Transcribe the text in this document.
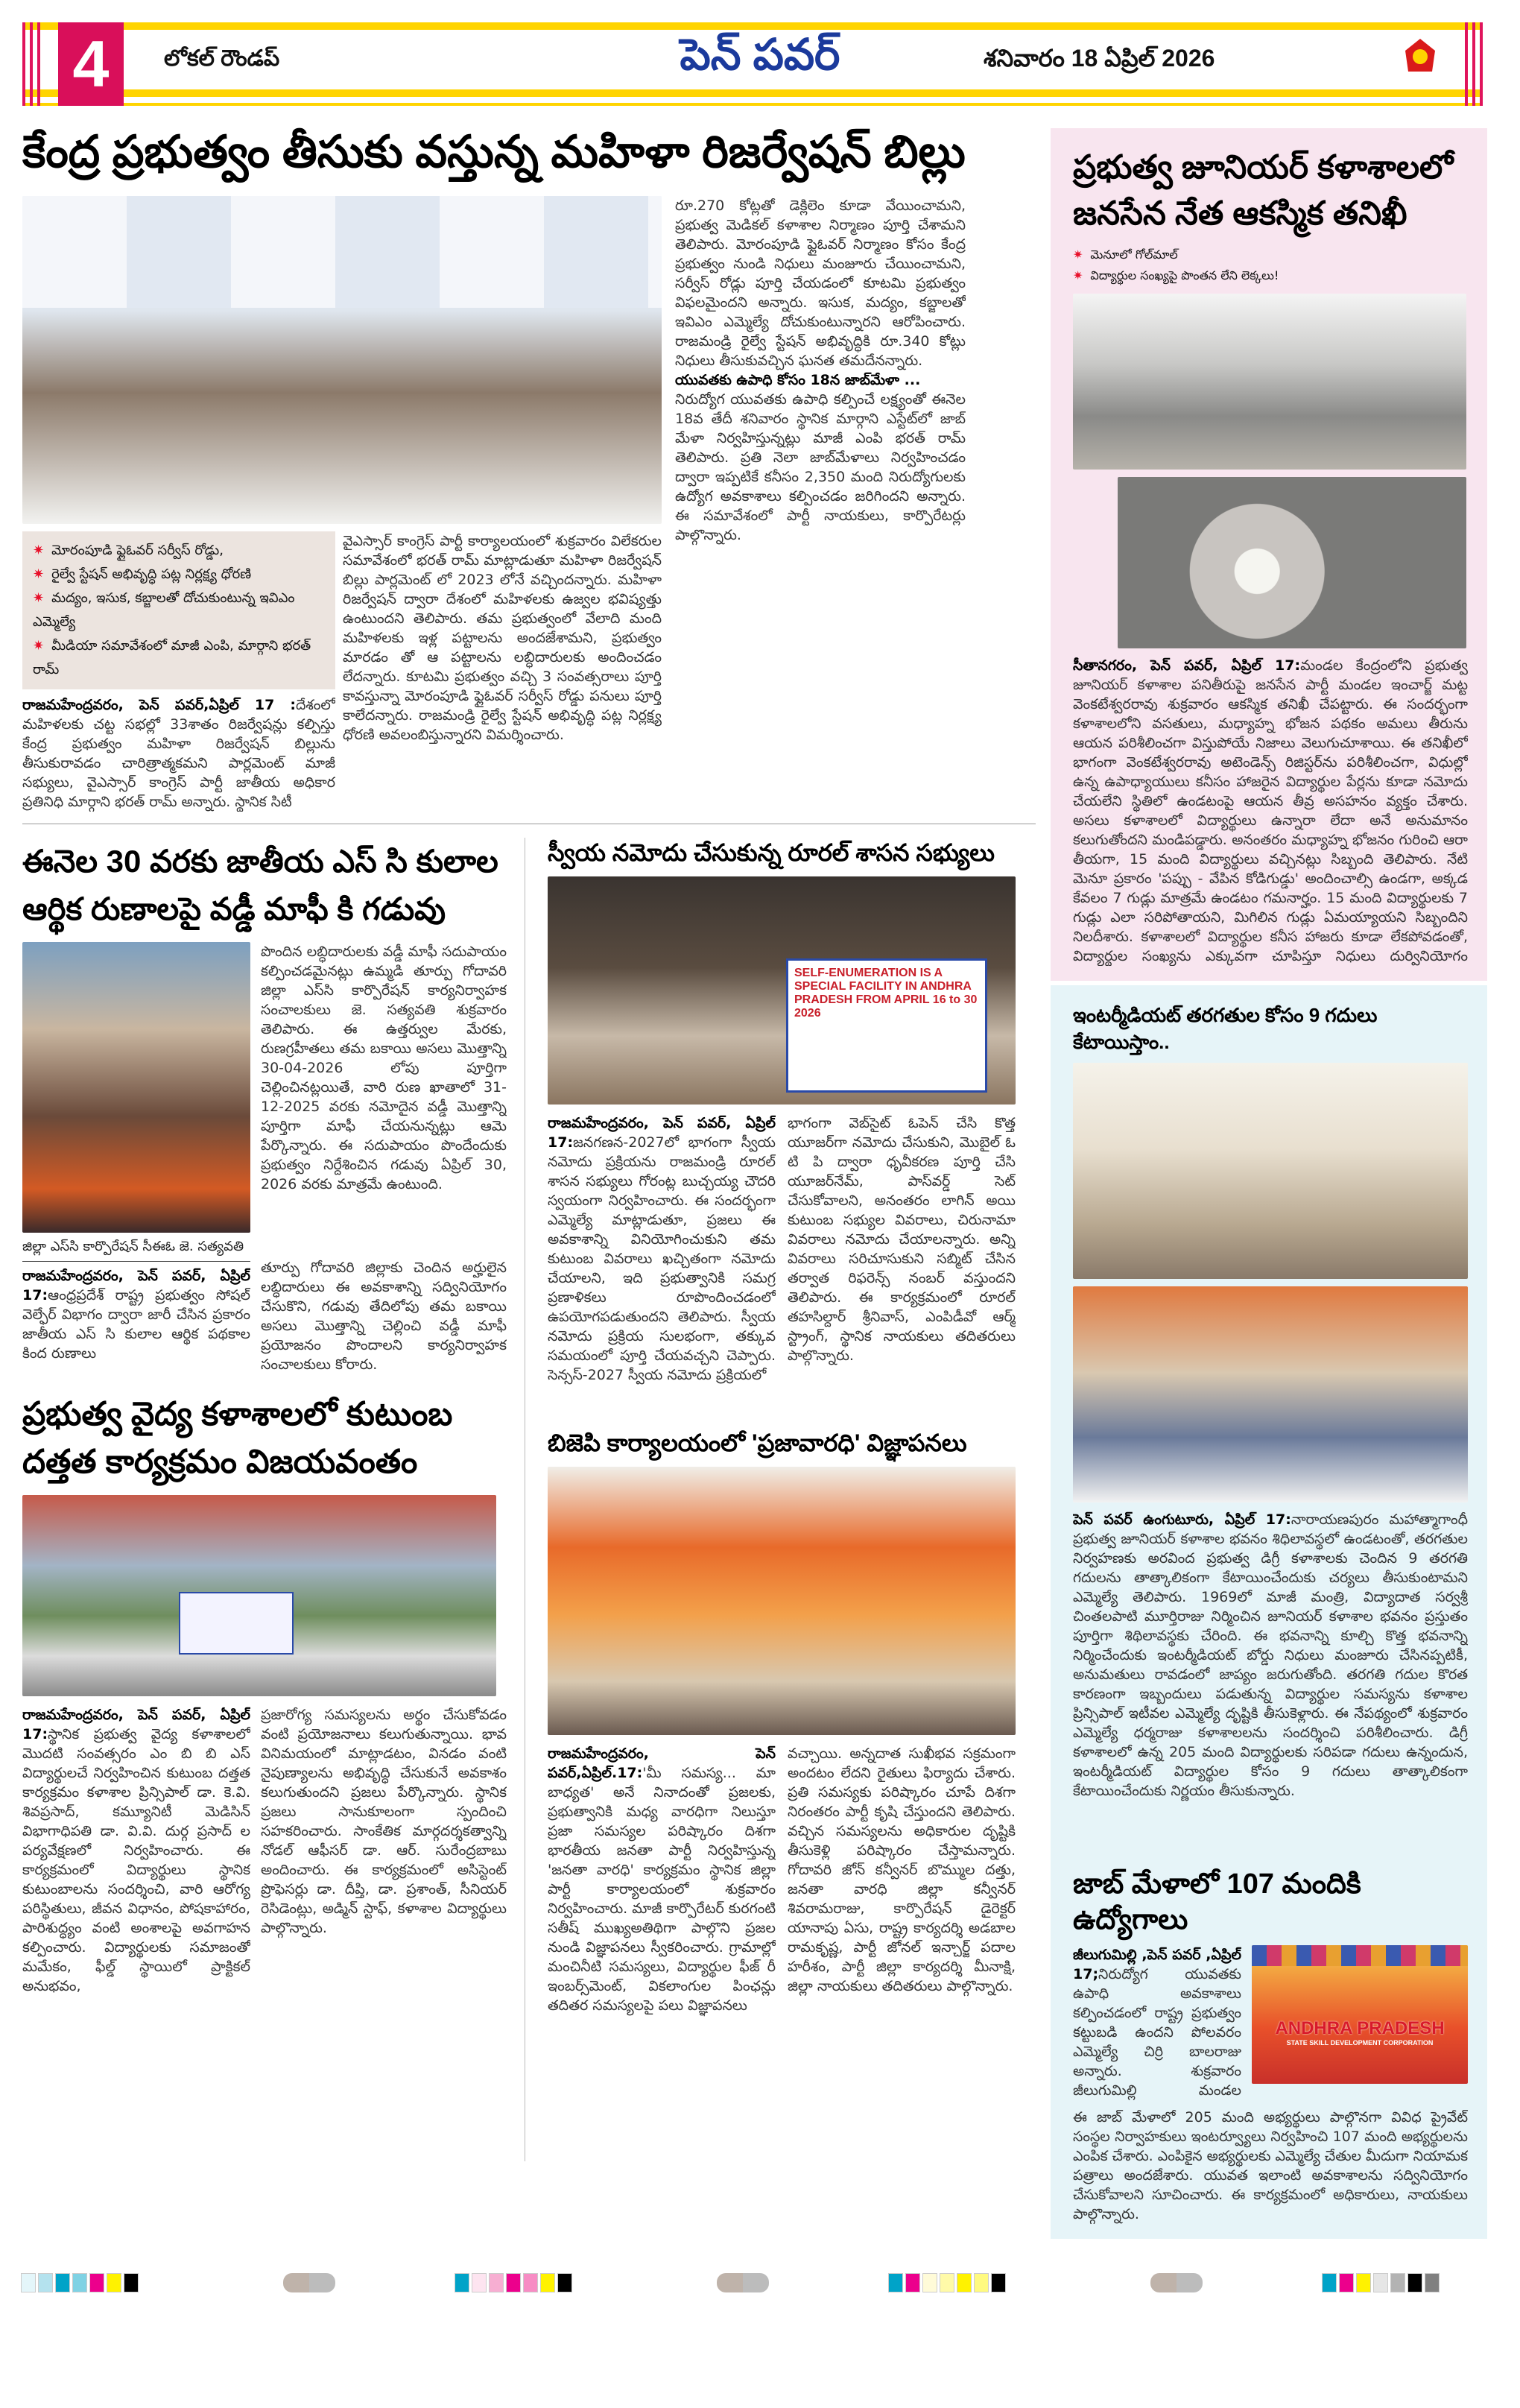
4	లోకల్ రౌండప్	పెన్ పవర్	శనివారం 18 ఏప్రిల్ 2026
కేంద్ర ప్రభుత్వం తీసుకు వస్తున్న మహిళా రిజర్వేషన్ బిల్లు
✷ మోరంపూడి ఫ్లైఓవర్ సర్వీస్ రోడ్డు,
✷ రైల్వే స్టేషన్ అభివృద్ధి పట్ల నిర్లక్ష్య ధోరణి
✷ మద్యం, ఇసుక, కబ్జాలతో దోచుకుంటున్న ఇవిఎం ఎమ్మెల్యే
✷ మీడియా సమావేశంలో మాజీ ఎంపి, మార్గాని భరత్ రామ్
రాజమహేంద్రవరం, పెన్ పవర్,ఏప్రిల్ 17 :దేశంలో మహిళలకు చట్ట సభల్లో 33శాతం రిజర్వేషన్లు కల్పిస్తు కేంద్ర ప్రభుత్వం మహిళా రిజర్వేషన్ బిల్లును తీసుకురావడం చారిత్రాత్మకమని పార్లమెంట్ మాజీ సభ్యులు, వైఎస్సార్ కాంగ్రెస్ పార్టీ జాతీయ అధికార ప్రతినిధి మార్గాని భరత్ రామ్ అన్నారు. స్థానిక సిటీ
వైఎస్సార్ కాంగ్రెస్ పార్టీ కార్యాలయంలో శుక్రవారం విలేకరుల సమావేశంలో భరత్ రామ్ మాట్లాడుతూ మహిళా రిజర్వేషన్ బిల్లు పార్లమెంట్ లో 2023 లోనే వచ్చిందన్నారు. మహిళా రిజర్వేషన్ ద్వారా దేశంలో మహిళలకు ఉజ్వల భవిష్యత్తు ఉంటుందని తెలిపారు. తమ ప్రభుత్వంలో వేలాది మంది మహిళలకు ఇళ్ల పట్టాలను అందజేశామని, ప్రభుత్వం మారడం తో ఆ పట్టాలను లబ్ధిదారులకు అందించడం లేదన్నారు. కూటమి ప్రభుత్వం వచ్చి 3 సంవత్సరాలు పూర్తి కావస్తున్నా మోరంపూడి ఫ్లైఓవర్ సర్వీస్ రోడ్డు పనులు పూర్తి కాలేదన్నారు. రాజమండ్రి రైల్వే స్టేషన్ అభివృద్ధి పట్ల నిర్లక్ష్య ధోరణి అవలంబిస్తున్నారని విమర్శించారు.
రూ.270 కోట్లతో డెక్లిలెం కూడా వేయించామని, ప్రభుత్వ మెడికల్ కళాశాల నిర్మాణం పూర్తి చేశామని తెలిపారు. మోరంపూడి ఫ్లైఓవర్ నిర్మాణం కోసం కేంద్ర ప్రభుత్వం నుండి నిధులు మంజూరు చేయించామని, సర్వీస్ రోడ్లు పూర్తి చేయడంలో కూటమి ప్రభుత్వం విఫలమైందని అన్నారు. ఇసుక, మద్యం, కబ్జాలతో ఇవిఎం ఎమ్మెల్యే దోచుకుంటున్నారని ఆరోపించారు. రాజమండ్రి రైల్వే స్టేషన్ అభివృద్ధికి రూ.340 కోట్లు నిధులు తీసుకువచ్చిన ఘనత తమదేనన్నారు.
యువతకు ఉపాధి కోసం 18న జాబ్‌మేళా ...
నిరుద్యోగ యువతకు ఉపాధి కల్పించే లక్ష్యంతో ఈనెల 18వ తేదీ శనివారం స్థానిక మార్గాని ఎస్టేట్‌లో జాబ్ మేళా నిర్వహిస్తున్నట్లు మాజీ ఎంపి భరత్ రామ్ తెలిపారు. ప్రతి నెలా జాబ్‌మేళాలు నిర్వహించడం ద్వారా ఇప్పటికే కనీసం 2,350 మంది నిరుద్యోగులకు ఉద్యోగ అవకాశాలు కల్పించడం జరిగిందని అన్నారు. ఈ సమావేశంలో పార్టీ నాయకులు, కార్పొరేటర్లు పాల్గొన్నారు.
ఈనెల 30 వరకు జాతీయ ఎస్ సి కులాల
ఆర్థిక రుణాలపై వడ్డీ మాఫీ కి గడువు
జిల్లా ఎస్‌సి కార్పొరేషన్ సీఈఓ జె. సత్యవతి
రాజమహేంద్రవరం, పెన్ పవర్, ఏప్రిల్ 17:ఆంధ్రప్రదేశ్ రాష్ట్ర ప్రభుత్వం సోషల్ వెల్ఫేర్ విభాగం ద్వారా జారీ చేసిన ప్రకారం జాతీయ ఎస్ సి కులాల ఆర్థిక పథకాల కింద రుణాలు
పొందిన లబ్ధిదారులకు వడ్డీ మాఫీ సదుపాయం కల్పించడమైనట్లు ఉమ్మడి తూర్పు గోదావరి జిల్లా ఎస్‌సి కార్పొరేషన్ కార్యనిర్వాహక సంచాలకులు జె. సత్యవతి శుక్రవారం తెలిపారు. ఈ ఉత్తర్వుల మేరకు, రుణగ్రహీతలు తమ బకాయి అసలు మొత్తాన్ని 30-04-2026 లోపు పూర్తిగా చెల్లించినట్లయితే, వారి రుణ ఖాతాలో 31-12-2025 వరకు నమోదైన వడ్డీ మొత్తాన్ని పూర్తిగా మాఫీ చేయనున్నట్లు ఆమె పేర్కొన్నారు. ఈ సదుపాయం పొందేందుకు ప్రభుత్వం నిర్దేశించిన గడువు ఏప్రిల్ 30, 2026 వరకు మాత్రమే ఉంటుంది.
తూర్పు గోదావరి జిల్లాకు చెందిన అర్హులైన లబ్ధిదారులు ఈ అవకాశాన్ని సద్వినియోగం చేసుకొని, గడువు తేదిలోపు తమ బకాయి అసలు మొత్తాన్ని చెల్లించి వడ్డీ మాఫీ ప్రయోజనం పొందాలని కార్యనిర్వాహక సంచాలకులు కోరారు.
ప్రభుత్వ వైద్య కళాశాలలో కుటుంబ
దత్తత కార్యక్రమం విజయవంతం
రాజమహేంద్రవరం, పెన్ పవర్, ఏప్రిల్ 17:స్థానిక ప్రభుత్వ వైద్య కళాశాలలో మొదటి సంవత్సరం ఎం బి బి ఎస్ విద్యార్థులచే నిర్వహించిన కుటుంబ దత్తత కార్యక్రమం కళాశాల ప్రిన్సిపాల్ డా. కె.వి. శివప్రసాద్, కమ్యూనిటీ మెడిసిన్ విభాగాధిపతి డా. వి.వి. దుర్గ ప్రసాద్ ల పర్యవేక్షణలో నిర్వహించారు. ఈ కార్యక్రమంలో విద్యార్థులు స్థానిక కుటుంబాలను సందర్శించి, వారి ఆరోగ్య పరిస్థితులు, జీవన విధానం, పోషకాహారం, పారిశుద్ధ్యం వంటి అంశాలపై అవగాహన కల్పించారు. విద్యార్థులకు సమాజంతో మమేకం, ఫీల్డ్ స్థాయిలో ప్రాక్టికల్ అనుభవం,
ప్రజారోగ్య సమస్యలను అర్థం చేసుకోవడం వంటి ప్రయోజనాలు కలుగుతున్నాయి. భావ వినిమయంలో మాట్లాడటం, వినడం వంటి నైపుణ్యాలను అభివృద్ధి చేసుకునే అవకాశం కలుగుతుందని ప్రజలు పేర్కొన్నారు. స్థానిక ప్రజలు సానుకూలంగా స్పందించి సహకరించారు. సాంకేతిక మార్గదర్శకత్వాన్ని నోడల్ ఆఫీసర్ డా. ఆర్. సురేంద్రబాబు అందించారు. ఈ కార్యక్రమంలో అసిస్టెంట్ ప్రొఫెసర్లు డా. దీప్తి, డా. ప్రశాంత్, సీనియర్ రెసిడెంట్లు, అడ్మిన్ స్టాఫ్, కళాశాల విద్యార్థులు పాల్గొన్నారు.
స్వీయ నమోదు చేసుకున్న రూరల్ శాసన సభ్యులు
SELF-ENUMERATION IS A SPECIAL FACILITY IN ANDHRA PRADESH FROM APRIL 16 to 30 2026
రాజమహేంద్రవరం, పెన్ పవర్, ఏప్రిల్ 17:జనగణన-2027లో భాగంగా స్వీయ నమోదు ప్రక్రియను రాజమండ్రి రూరల్ శాసన సభ్యులు గోరంట్ల బుచ్చయ్య చౌదరి స్వయంగా నిర్వహించారు. ఈ సందర్భంగా ఎమ్మెల్యే మాట్లాడుతూ, ప్రజలు ఈ అవకాశాన్ని వినియోగించుకుని తమ కుటుంబ వివరాలు ఖచ్చితంగా నమోదు చేయాలని, ఇది ప్రభుత్వానికి సమగ్ర ప్రణాళికలు రూపొందించడంలో ఉపయోగపడుతుందని తెలిపారు. స్వీయ నమోదు ప్రక్రియ సులభంగా, తక్కువ సమయంలో పూర్తి చేయవచ్చని చెప్పారు. సెన్సస్-2027 స్వీయ నమోదు ప్రక్రియలో
భాగంగా వెబ్‌సైట్ ఓపెన్ చేసి కొత్త యూజర్‌గా నమోదు చేసుకుని, మొబైల్ ఓ టి పి ద్వారా ధృవీకరణ పూర్తి చేసి యూజర్‌నేమ్, పాస్‌వర్డ్ సెట్ చేసుకోవాలని, అనంతరం లాగిన్ అయి కుటుంబ సభ్యుల వివరాలు, చిరునామా వివరాలు నమోదు చేయాలన్నారు. అన్ని వివరాలు సరిచూసుకుని సబ్మిట్ చేసిన తర్వాత రిఫరెన్స్ నంబర్ వస్తుందని తెలిపారు. ఈ కార్యక్రమంలో రూరల్ తహసిల్దార్ శ్రీనివాస్, ఎంపిడీవో ఆర్మ్ స్ట్రాంగ్, స్థానిక నాయకులు తదితరులు పాల్గొన్నారు.
బిజెపి కార్యాలయంలో 'ప్రజావారధి' విజ్ఞాపనలు
రాజమహేంద్రవరం, పెన్ పవర్,ఏప్రిల్.17:'మీ సమస్య... మా బాధ్యత' అనే నినాదంతో ప్రజలకు, ప్రభుత్వానికి మధ్య వారధిగా నిలుస్తూ ప్రజా సమస్యల పరిష్కారం దిశగా భారతీయ జనతా పార్టీ నిర్వహిస్తున్న 'జనతా వారధి' కార్యక్రమం స్థానిక జిల్లా పార్టీ కార్యాలయంలో శుక్రవారం నిర్వహించారు. మాజీ కార్పొరేటర్ కురగంటి సతీష్ ముఖ్యఅతిథిగా పాల్గొని ప్రజల నుండి విజ్ఞాపనలు స్వీకరించారు. గ్రామాల్లో మంచినీటి సమస్యలు, విద్యార్థుల ఫీజ్ రీ ఇంబర్స్‌మెంట్, వికలాంగుల పింఛన్లు తదితర సమస్యలపై పలు విజ్ఞాపనలు
వచ్చాయి. అన్నదాత సుఖీభవ సక్రమంగా అందటం లేదని రైతులు ఫిర్యాదు చేశారు. ప్రతి సమస్యకు పరిష్కారం చూపే దిశగా నిరంతరం పార్టీ కృషి చేస్తుందని తెలిపారు. వచ్చిన సమస్యలను అధికారుల దృష్టికి తీసుకెళ్లి పరిష్కారం చేస్తామన్నారు. గోదావరి జోన్ కన్వీనర్ బొమ్ముల దత్తు, జనతా వారధి జిల్లా కన్వీనర్ శివరామరాజు, కార్పొరేషన్ డైరెక్టర్ యానాపు ఏసు, రాష్ట్ర కార్యదర్శి అడబాల రామకృష్ణ, పార్టీ జోనల్ ఇన్చార్జ్ పదాల హరీశం, పార్టీ జిల్లా కార్యదర్శి మీనాక్షి, జిల్లా నాయకులు తదితరులు పాల్గొన్నారు.
ప్రభుత్వ జూనియర్ కళాశాలలో
జనసేన నేత ఆకస్మిక తనిఖీ
✷ మెనూలో గోల్‌మాల్
✷ విద్యార్థుల సంఖ్యపై పొంతన లేని లెక్కలు!
సీతానగరం, పెన్ పవర్, ఏప్రిల్ 17:మండల కేంద్రంలోని ప్రభుత్వ జూనియర్ కళాశాల పనితీరుపై జనసేన పార్టీ మండల ఇంచార్జ్ మట్ట వెంకటేశ్వరరావు శుక్రవారం ఆకస్మిక తనిఖీ చేపట్టారు. ఈ సందర్భంగా కళాశాలలోని వసతులు, మధ్యాహ్న భోజన పథకం అమలు తీరును ఆయన పరిశీలించగా విస్తుపోయే నిజాలు వెలుగుచూశాయి. ఈ తనిఖీలో భాగంగా వెంకటేశ్వరరావు అటెండెన్స్ రిజిస్టర్‌ను పరిశీలించగా, విధుల్లో ఉన్న ఉపాధ్యాయులు కనీసం హాజరైన విద్యార్థుల పేర్లను కూడా నమోదు చేయలేని స్థితిలో ఉండటంపై ఆయన తీవ్ర అసహనం వ్యక్తం చేశారు. అసలు కళాశాలలో విద్యార్థులు ఉన్నారా లేదా అనే అనుమానం కలుగుతోందని మండిపడ్డారు. అనంతరం మధ్యాహ్న భోజనం గురించి ఆరా తీయగా, 15 మంది విద్యార్థులు వచ్చినట్లు సిబ్బంది తెలిపారు. నేటి మెనూ ప్రకారం 'పప్పు - వేపిన కోడిగుడ్డు' అందించాల్సి ఉండగా, అక్కడ కేవలం 7 గుడ్లు మాత్రమే ఉండటం గమనార్హం. 15 మంది విద్యార్థులకు 7 గుడ్లు ఎలా సరిపోతాయని, మిగిలిన గుడ్లు ఏమయ్యాయని సిబ్బందిని నిలదీశారు. కళాశాలలో విద్యార్థుల కనీస హాజరు కూడా లేకపోవడంతో, విద్యార్థుల సంఖ్యను ఎక్కువగా చూపిస్తూ నిధులు దుర్వినియోగం
ఇంటర్మీడియట్ తరగతుల కోసం 9 గదులు కేటాయిస్తాం..
పెన్ పవర్ ఉంగుటూరు, ఏప్రిల్ 17:నారాయణపురం మహాత్మాగాంధీ ప్రభుత్వ జూనియర్ కళాశాల భవనం శిధిలావస్థలో ఉండటంతో, తరగతుల నిర్వహణకు అరవింద ప్రభుత్వ డిగ్రీ కళాశాలకు చెందిన 9 తరగతి గదులను తాత్కాలికంగా కేటాయించేందుకు చర్యలు తీసుకుంటామని ఎమ్మెల్యే తెలిపారు. 1969లో మాజీ మంత్రి, విద్యాదాత సర్వశ్రీ చింతలపాటి మూర్తిరాజు నిర్మించిన జూనియర్ కళాశాల భవనం ప్రస్తుతం పూర్తిగా శిథిలావస్థకు చేరింది. ఈ భవనాన్ని కూల్చి కొత్త భవనాన్ని నిర్మించేందుకు ఇంటర్మీడియట్ బోర్డు నిధులు మంజూరు చేసినప్పటికీ, అనుమతులు రావడంలో జాప్యం జరుగుతోంది. తరగతి గదుల కొరత కారణంగా ఇబ్బందులు పడుతున్న విద్యార్థుల సమస్యను కళాశాల ప్రిన్సిపాల్ ఇటీవల ఎమ్మెల్యే దృష్టికి తీసుకెళ్లారు. ఈ నేపథ్యంలో శుక్రవారం ఎమ్మెల్యే ధర్మరాజు కళాశాలలను సందర్శించి పరిశీలించారు. డిగ్రీ కళాశాలలో ఉన్న 205 మంది విద్యార్థులకు సరిపడా గదులు ఉన్నందున, ఇంటర్మీడియట్ విద్యార్థుల కోసం 9 గదులు తాత్కాలికంగా కేటాయించేందుకు నిర్ణయం తీసుకున్నారు.
జాబ్ మేళాలో 107 మందికి ఉద్యోగాలు
జీలుగుమిల్లి ,పెన్ పవర్ ,ఏప్రిల్ 17;నిరుద్యోగ యువతకు ఉపాధి అవకాశాలు కల్పించడంలో రాష్ట్ర ప్రభుత్వం కట్టుబడి ఉందని పోలవరం ఎమ్మెల్యే చిర్రి బాలరాజు అన్నారు. శుక్రవారం జీలుగుమిల్లి మండల
ANDHRA PRADESH
STATE SKILL DEVELOPMENT CORPORATION
ఈ జాబ్ మేళాలో 205 మంది అభ్యర్థులు పాల్గొనగా వివిధ ప్రైవేట్ సంస్థల నిర్వాహకులు ఇంటర్వ్యూలు నిర్వహించి 107 మంది అభ్యర్థులను ఎంపిక చేశారు. ఎంపికైన అభ్యర్థులకు ఎమ్మెల్యే చేతుల మీదుగా నియామక పత్రాలు అందజేశారు. యువత ఇలాంటి అవకాశాలను సద్వినియోగం చేసుకోవాలని సూచించారు. ఈ కార్యక్రమంలో అధికారులు, నాయకులు పాల్గొన్నారు.
